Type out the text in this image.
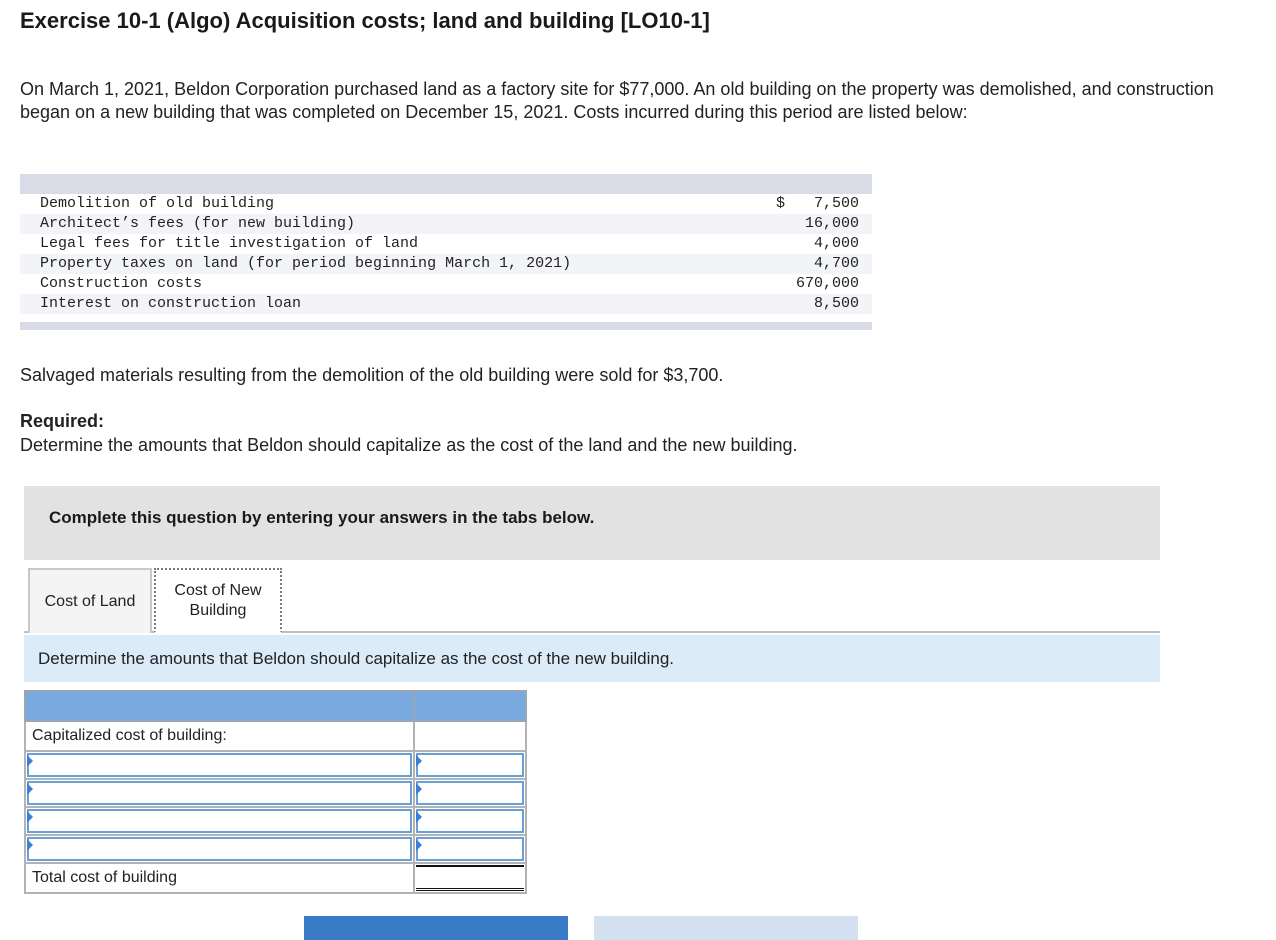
Exercise 10-1 (Algo) Acquisition costs; land and building [LO10-1]

On March 1, 2021, Beldon Corporation purchased land as a factory site for $77,000. An old building on the property was demolished, and construction began on a new building that was completed on December 15, 2021. Costs incurred during this period are listed below:

Demolition of old building	$ 7,500
Architect’s fees (for new building)	16,000
Legal fees for title investigation of land	4,000
Property taxes on land (for period beginning March 1, 2021)	4,700
Construction costs	670,000
Interest on construction loan	8,500

Salvaged materials resulting from the demolition of the old building were sold for $3,700.

Required:

Determine the amounts that Beldon should capitalize as the cost of the land and the new building.

Complete this question by entering your answers in the tabs below.
Cost of Land
Cost of New
Building
Determine the amounts that Beldon should capitalize as the cost of the new building.

Capitalized cost of building:	

Total cost of building	
